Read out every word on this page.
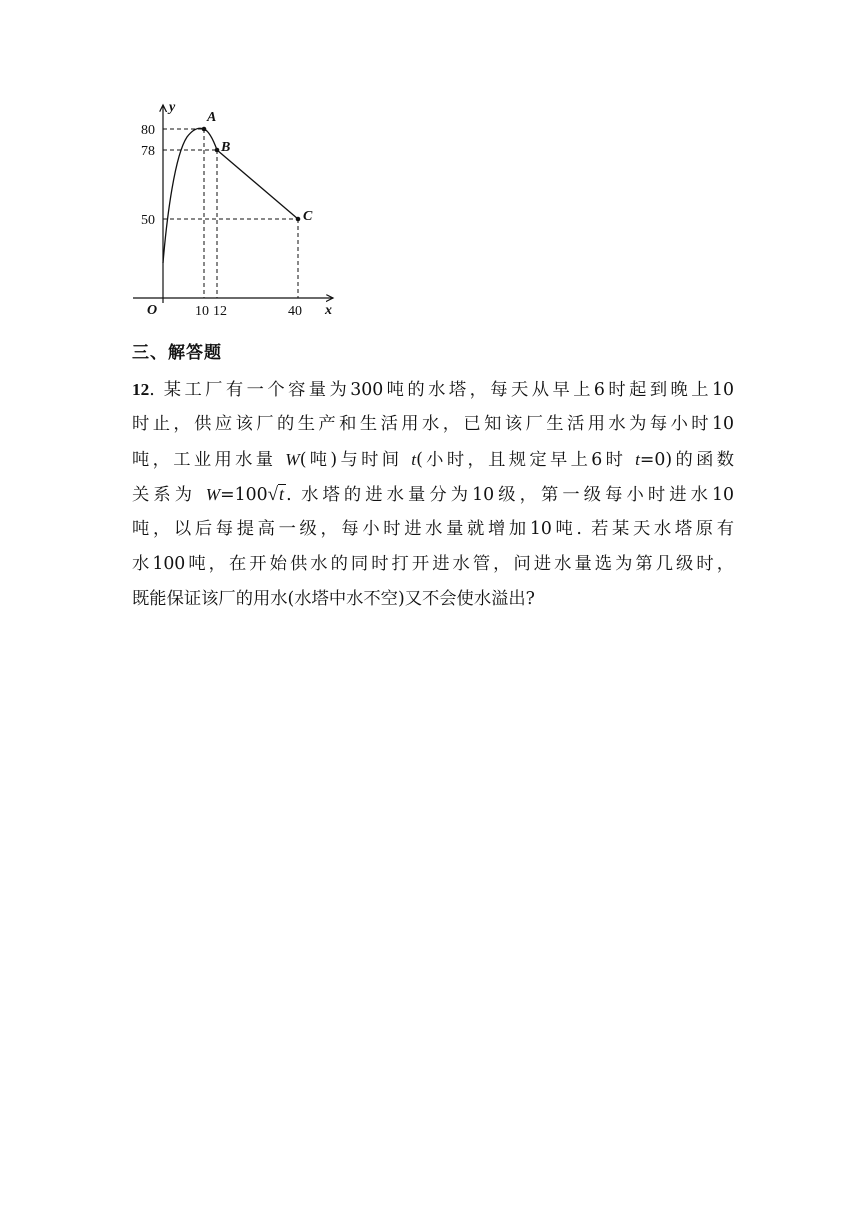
y
x
O
80
78
50
10 12	40
A
B
C
三、解答题
12. 某工厂有一个容量为300吨的水塔，每天从早上6时起到晚上10
时止，供应该厂的生产和生活用水，已知该厂生活用水为每小时10
吨，工业用水量 W(吨)与时间 t(小时，且规定早上6时 t=0)的函数
关系为 W=100√t . 水塔的进水量分为10级，第一级每小时进水10
吨，以后每提高一级，每小时进水量就增加10吨. 若某天水塔原有
水100吨，在开始供水的同时打开进水管，问进水量选为第几级时，
既能保证该厂的用水(水塔中水不空)又不会使水溢出?
